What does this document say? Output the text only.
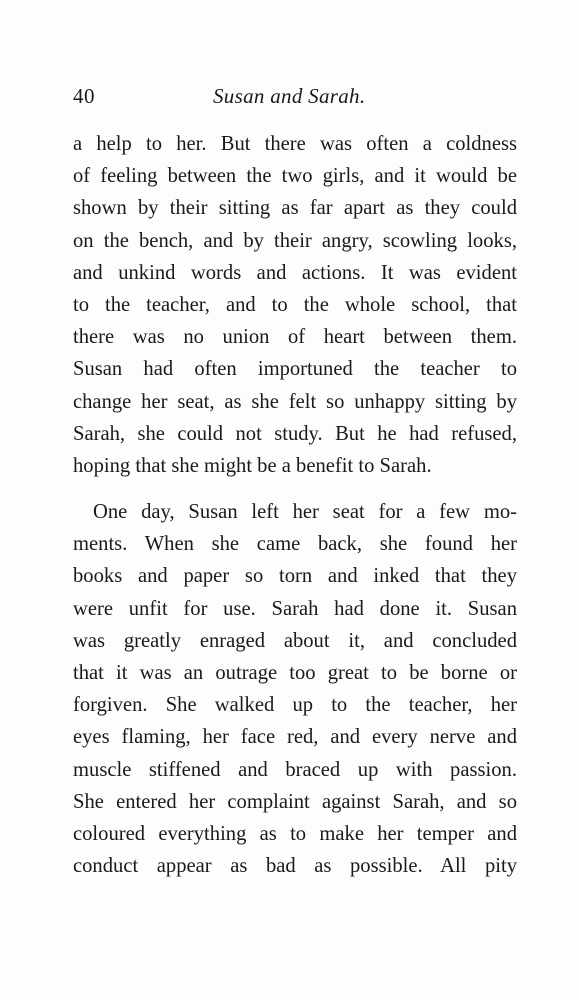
40	Susan and Sarah.
a help to her. But there was often a coldness
of feeling between the two girls, and it would be
shown by their sitting as far apart as they could
on the bench, and by their angry, scowling looks,
and unkind words and actions. It was evident
to the teacher, and to the whole school, that
there was no union of heart between them.
Susan had often importuned the teacher to
change her seat, as she felt so unhappy sitting by
Sarah, she could not study. But he had refused,
hoping that she might be a benefit to Sarah.
One day, Susan left her seat for a few mo-
ments. When she came back, she found her
books and paper so torn and inked that they
were unfit for use. Sarah had done it. Susan
was greatly enraged about it, and concluded
that it was an outrage too great to be borne or
forgiven. She walked up to the teacher, her
eyes flaming, her face red, and every nerve and
muscle stiffened and braced up with passion.
She entered her complaint against Sarah, and so
coloured everything as to make her temper and
conduct appear as bad as possible. All pity
